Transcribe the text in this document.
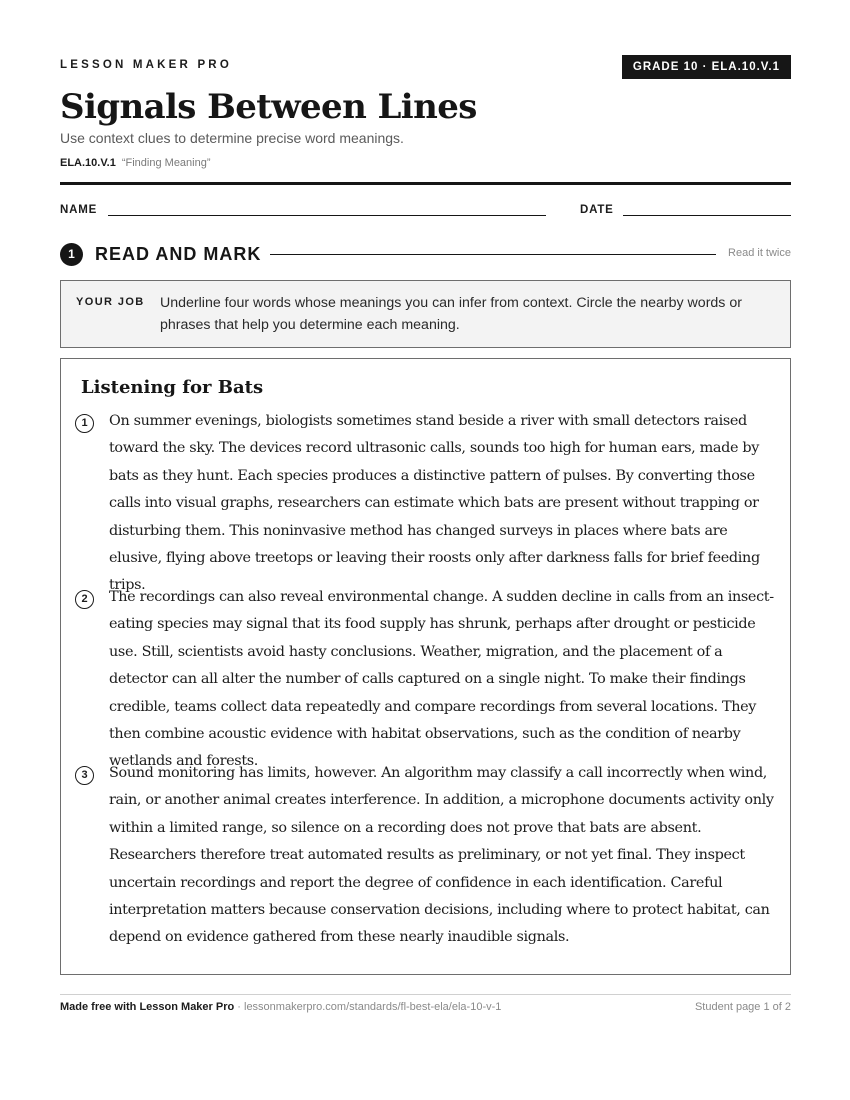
LESSON MAKER PRO	GRADE 10 · ELA.10.V.1
Signals Between Lines
Use context clues to determine precise word meanings.
ELA.10.V.1 “Finding Meaning”
NAME	DATE
1	READ AND MARK	Read it twice
YOUR JOB Underline four words whose meanings you can infer from context. Circle the nearby words or phrases that help you determine each meaning.
Listening for Bats
1	On summer evenings, biologists sometimes stand beside a river with small detectors raised toward the sky. The devices record ultrasonic calls, sounds too high for human ears, made by bats as they hunt. Each species produces a distinctive pattern of pulses. By converting those calls into visual graphs, researchers can estimate which bats are present without trapping or disturbing them. This noninvasive method has changed surveys in places where bats are elusive, flying above treetops or leaving their roosts only after darkness falls for brief feeding trips.

2	The recordings can also reveal environmental change. A sudden decline in calls from an insect-eating species may signal that its food supply has shrunk, perhaps after drought or pesticide use. Still, scientists avoid hasty conclusions. Weather, migration, and the placement of a detector can all alter the number of calls captured on a single night. To make their findings credible, teams collect data repeatedly and compare recordings from several locations. They then combine acoustic evidence with habitat observations, such as the condition of nearby wetlands and forests.

3	Sound monitoring has limits, however. An algorithm may classify a call incorrectly when wind, rain, or another animal creates interference. In addition, a microphone documents activity only within a limited range, so silence on a recording does not prove that bats are absent. Researchers therefore treat automated results as preliminary, or not yet final. They inspect uncertain recordings and report the degree of confidence in each identification. Careful interpretation matters because conservation decisions, including where to protect habitat, can depend on evidence gathered from these nearly inaudible signals.

Made free with Lesson Maker Pro · lessonmakerpro.com/standards/fl-best-ela/ela-10-v-1	Student page 1 of 2
